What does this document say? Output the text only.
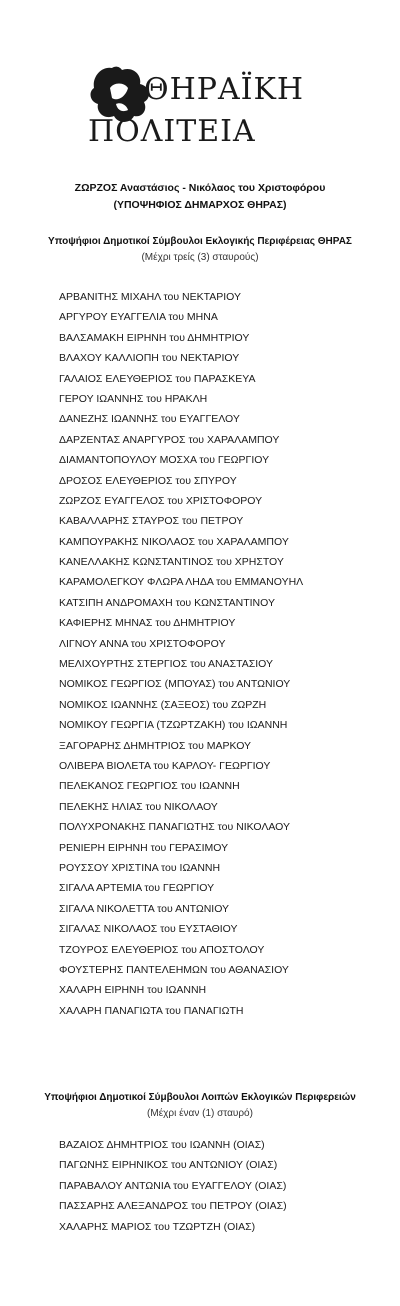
ΘΗΡΑΪΚΗ
ΠΟΛΙΤΕΙΑ
ΖΩΡΖΟΣ Αναστάσιος - Νικόλαος του Χριστοφόρου
(ΥΠΟΨΗΦΙΟΣ ΔΗΜΑΡΧΟΣ ΘΗΡΑΣ)
Υποψήφιοι Δημοτικοί Σύμβουλοι Εκλογικής Περιφέρειας ΘΗΡΑΣ
(Μέχρι τρείς (3) σταυρούς)
ΑΡΒΑΝΙΤΗΣ ΜΙΧΑΗΛ του ΝΕΚΤΑΡΙΟΥ
ΑΡΓΥΡΟΥ ΕΥΑΓΓΕΛΙΑ του ΜΗΝΑ
ΒΑΛΣΑΜΑΚΗ ΕΙΡΗΝΗ του ΔΗΜΗΤΡΙΟΥ
ΒΛΑΧΟΥ ΚΑΛΛΙΟΠΗ του ΝΕΚΤΑΡΙΟΥ
ΓΑΛΑΙΟΣ ΕΛΕΥΘΕΡΙΟΣ του ΠΑΡΑΣΚΕΥΑ
ΓΕΡΟΥ ΙΩΑΝΝΗΣ του ΗΡΑΚΛΗ
ΔΑΝΕΖΗΣ ΙΩΑΝΝΗΣ του ΕΥΑΓΓΕΛΟΥ
ΔΑΡΖΕΝΤΑΣ ΑΝΑΡΓΥΡΟΣ του ΧΑΡΑΛΑΜΠΟΥ
ΔΙΑΜΑΝΤΟΠΟΥΛΟΥ ΜΟΣΧΑ του ΓΕΩΡΓΙΟΥ
ΔΡΟΣΟΣ ΕΛΕΥΘΕΡΙΟΣ του ΣΠΥΡΟΥ
ΖΩΡΖΟΣ ΕΥΑΓΓΕΛΟΣ του ΧΡΙΣΤΟΦΟΡΟΥ
ΚΑΒΑΛΛΑΡΗΣ ΣΤΑΥΡΟΣ του ΠΕΤΡΟΥ
ΚΑΜΠΟΥΡΑΚΗΣ ΝΙΚΟΛΑΟΣ του ΧΑΡΑΛΑΜΠΟΥ
ΚΑΝΕΛΛΑΚΗΣ ΚΩΝΣΤΑΝΤΙΝΟΣ του ΧΡΗΣΤΟΥ
ΚΑΡΑΜΟΛΕΓΚΟΥ ΦΛΩΡΑ ΛΗΔΑ του ΕΜΜΑΝΟΥΗΛ
ΚΑΤΣΙΠΗ ΑΝΔΡΟΜΑΧΗ του ΚΩΝΣΤΑΝΤΙΝΟΥ
ΚΑΦΙΕΡΗΣ ΜΗΝΑΣ του ΔΗΜΗΤΡΙΟΥ
ΛΙΓΝΟΥ ΑΝΝΑ του ΧΡΙΣΤΟΦΟΡΟΥ
ΜΕΛΙΧΟΥΡΤΗΣ ΣΤΕΡΓΙΟΣ του ΑΝΑΣΤΑΣΙΟΥ
ΝΟΜΙΚΟΣ ΓΕΩΡΓΙΟΣ (ΜΠΟΥΑΣ) του ΑΝΤΩΝΙΟΥ
ΝΟΜΙΚΟΣ ΙΩΑΝΝΗΣ (ΣΑΞΕΟΣ) του ΖΩΡΖΗ
ΝΟΜΙΚΟΥ ΓΕΩΡΓΙΑ (ΤΖΩΡΤΖΑΚΗ) του ΙΩΑΝΝΗ
ΞΑΓΟΡΑΡΗΣ ΔΗΜΗΤΡΙΟΣ του ΜΑΡΚΟΥ
ΟΛΙΒΕΡΑ ΒΙΟΛΕΤΑ του ΚΑΡΛΟΥ- ΓΕΩΡΓΙΟΥ
ΠΕΛΕΚΑΝΟΣ ΓΕΩΡΓΙΟΣ του ΙΩΑΝΝΗ
ΠΕΛΕΚΗΣ ΗΛΙΑΣ του ΝΙΚΟΛΑΟΥ
ΠΟΛΥΧΡΟΝΑΚΗΣ ΠΑΝΑΓΙΩΤΗΣ του ΝΙΚΟΛΑΟΥ
ΡΕΝΙΕΡΗ ΕΙΡΗΝΗ του ΓΕΡΑΣΙΜΟΥ
ΡΟΥΣΣΟΥ ΧΡΙΣΤΙΝΑ του ΙΩΑΝΝΗ
ΣΙΓΑΛΑ ΑΡΤΕΜΙΑ του ΓΕΩΡΓΙΟΥ
ΣΙΓΑΛΑ ΝΙΚΟΛΕΤΤΑ του ΑΝΤΩΝΙΟΥ
ΣΙΓΑΛΑΣ ΝΙΚΟΛΑΟΣ του ΕΥΣΤΑΘΙΟΥ
ΤΖΟΥΡΟΣ ΕΛΕΥΘΕΡΙΟΣ του ΑΠΟΣΤΟΛΟΥ
ΦΟΥΣΤΕΡΗΣ ΠΑΝΤΕΛΕΗΜΩΝ του ΑΘΑΝΑΣΙΟΥ
ΧΑΛΑΡΗ ΕΙΡΗΝΗ του ΙΩΑΝΝΗ
ΧΑΛΑΡΗ ΠΑΝΑΓΙΩΤΑ του ΠΑΝΑΓΙΩΤΗ
Υποψήφιοι Δημοτικοί Σύμβουλοι Λοιπών Εκλογικών Περιφερειών
(Μέχρι έναν (1) σταυρό)
ΒΑΖΑΙΟΣ ΔΗΜΗΤΡΙΟΣ του ΙΩΑΝΝΗ (ΟΙΑΣ)
ΠΑΓΩΝΗΣ ΕΙΡΗΝΙΚΟΣ του ΑΝΤΩΝΙΟΥ (ΟΙΑΣ)
ΠΑΡΑΒΑΛΟΥ ΑΝΤΩΝΙΑ του ΕΥΑΓΓΕΛΟΥ (ΟΙΑΣ)
ΠΑΣΣΑΡΗΣ ΑΛΕΞΑΝΔΡΟΣ του ΠΕΤΡΟΥ (ΟΙΑΣ)
ΧΑΛΑΡΗΣ ΜΑΡΙΟΣ του ΤΖΩΡΤΖΗ (ΟΙΑΣ)
